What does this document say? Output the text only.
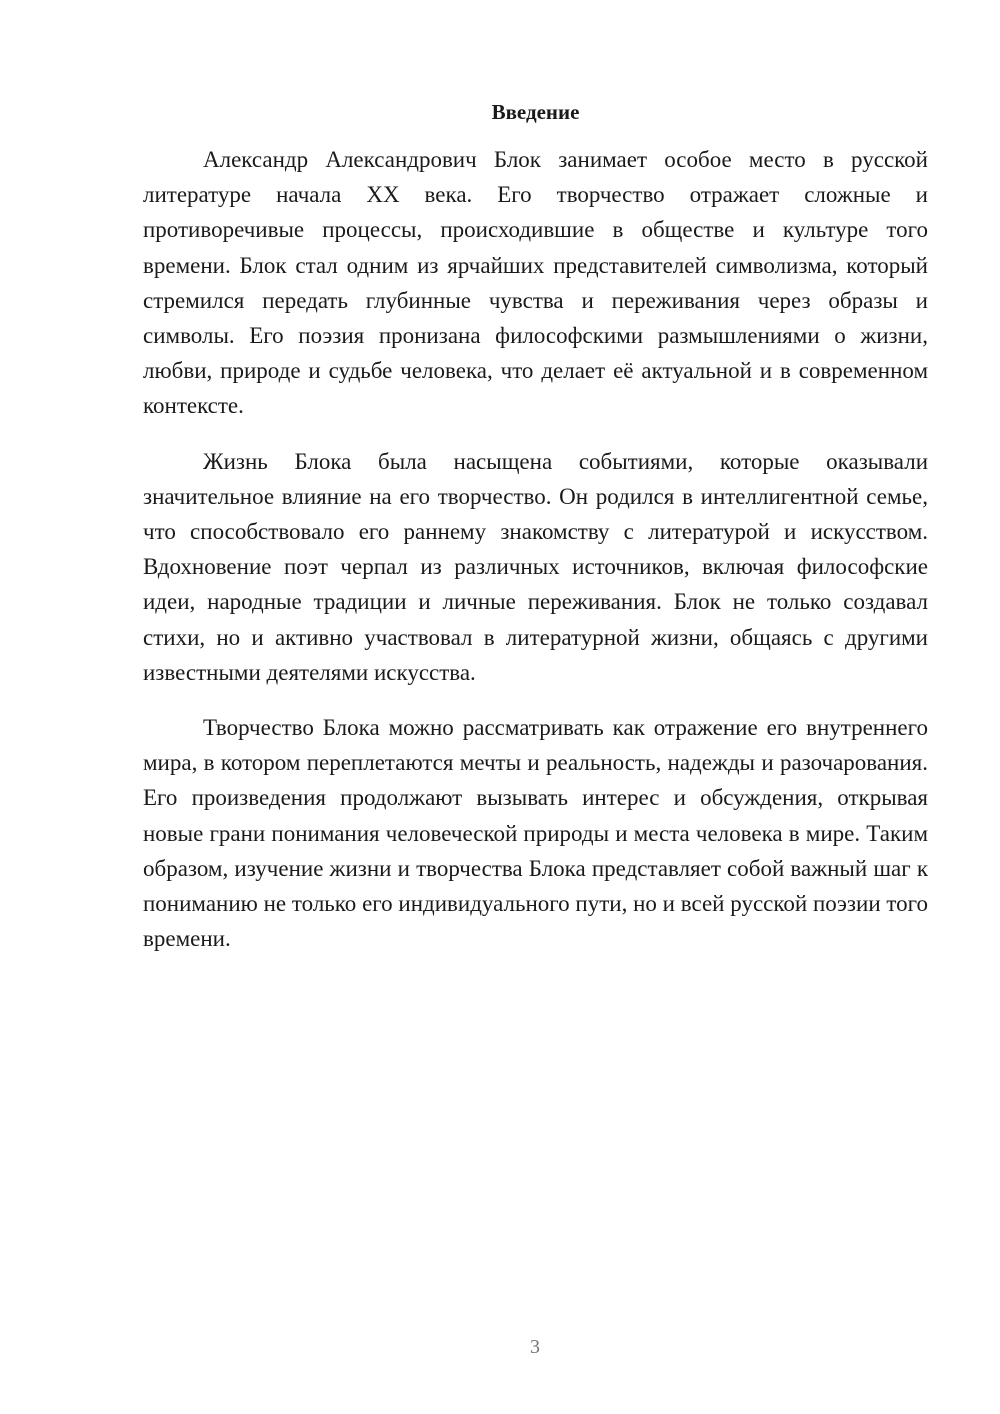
Введение

Александр Александрович Блок занимает особое место в русской литературе начала XX века. Его творчество отражает сложные и противоречивые процессы, происходившие в обществе и культуре того времени. Блок стал одним из ярчайших представителей символизма, который стремился передать глубинные чувства и переживания через образы и символы. Его поэзия пронизана философскими размышлениями о жизни, любви, природе и судьбе человека, что делает её актуальной и в современном контексте.

Жизнь Блока была насыщена событиями, которые оказывали значительное влияние на его творчество. Он родился в интеллигентной семье, что способствовало его раннему знакомству с литературой и искусством. Вдохновение поэт черпал из различных источников, включая философские идеи, народные традиции и личные переживания. Блок не только создавал стихи, но и активно участвовал в литературной жизни, общаясь с другими известными деятелями искусства.

Творчество Блока можно рассматривать как отражение его внутреннего мира, в котором переплетаются мечты и реальность, надежды и разочарования. Его произведения продолжают вызывать интерес и обсуждения, открывая новые грани понимания человеческой природы и места человека в мире. Таким образом, изучение жизни и творчества Блока представляет собой важный шаг к пониманию не только его индивидуального пути, но и всей русской поэзии того времени.

3
